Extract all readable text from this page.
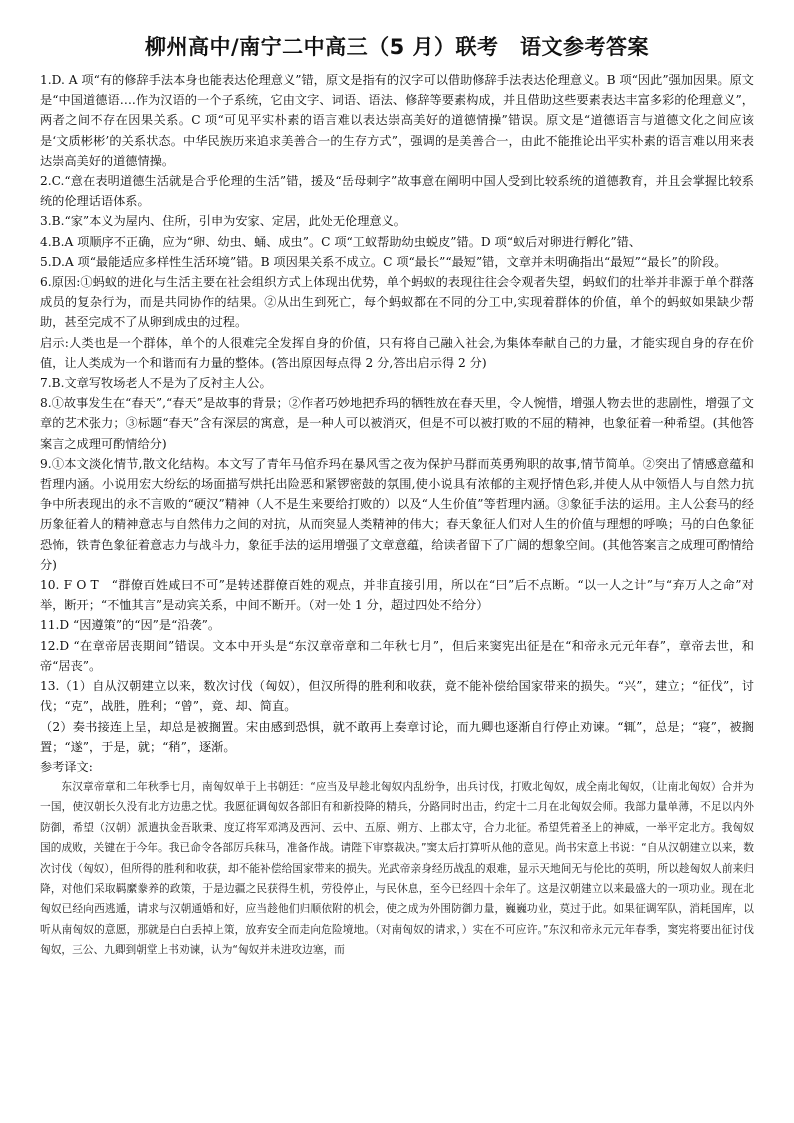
柳州高中/南宁二中高三（5 月）联考　语文参考答案

1.D. A 项“有的修辞手法本身也能表达伦理意义”错，原文是指有的汉字可以借助修辞手法表达伦理意义。B 项“因此”强加因果。原文是“中国道德语….作为汉语的一个子系统，它由文字、词语、语法、修辞等要素构成，并且借助这些要素表达丰富多彩的伦理意义”，两者之间不存在因果关系。C 项“可见平实朴素的语言难以表达崇高美好的道德情操”错误。原文是“道德语言与道德文化之间应该是‘文质彬彬’的关系状态。中华民族历来追求美善合一的生存方式”，强调的是美善合一，由此不能推论出平实朴素的语言难以用来表达崇高美好的道德情操。

2.C.“意在表明道德生活就是合乎伦理的生活”错，援及“岳母刺字”故事意在阐明中国人受到比较系统的道德教育，并且会掌握比较系统的伦理话语体系。

3.B.“家”本义为屋内、住所，引申为安家、定居，此处无伦理意义。

4.B.A 项顺序不正确，应为“卵、幼虫、蛹、成虫”。C 项“工蚁帮助幼虫蜕皮”错。D 项“蚁后对卵进行孵化”错、

5.D.A 项“最能适应多样性生活环境”错。B 项因果关系不成立。C 项“最长”“最短”错，文章并未明确指出“最短”“最长”的阶段。

6.原因:①蚂蚁的进化与生活主要在社会组织方式上体现出优势，单个蚂蚁的表现往往会令观者失望，蚂蚁们的壮举并非源于单个群落成员的复杂行为，而是共同协作的结果。②从出生到死亡，每个蚂蚁都在不同的分工中,实现着群体的价值，单个的蚂蚁如果缺少帮助，甚至完成不了从卵到成虫的过程。

启示:人类也是一个群体，单个的人很难完全发挥自身的价值，只有将自己融入社会,为集体奉献自己的力量，才能实现自身的存在价值，让人类成为一个和谐而有力量的整体。(答出原因每点得 2 分,答出启示得 2 分)

7.B.文章写牧场老人不是为了反衬主人公。

8.①故事发生在“春天”,“春天”是故事的背景；②作者巧妙地把乔玛的牺牲放在春天里，令人惋惜，增强人物去世的悲剧性，增强了文章的艺术张力；③标题“春天”含有深层的寓意，是一种人可以被消灭，但是不可以被打败的不屈的精神，也象征着一种希望。(其他答案言之成理可酌情给分)

9.①本文淡化情节,散文化结构。本文写了青年马倌乔玛在暴风雪之夜为保护马群而英勇殉职的故事,情节简单。②突出了情感意蕴和哲理内涵。小说用宏大纷纭的场面描写烘托出险恶和紧锣密鼓的氛围,使小说具有浓郁的主观抒情色彩,并使人从中领悟人与自然力抗争中所表现出的永不言败的“硬汉”精神（人不是生来要给打败的）以及“人生价值”等哲理内涵。③象征手法的运用。主人公套马的经历象征着人的精神意志与自然伟力之间的对抗，从而突显人类精神的伟大；春天象征人们对人生的价值与理想的呼唤；马的白色象征恐怖，铁青色象征着意志力与战斗力，象征手法的运用增强了文章意蕴，给读者留下了广阔的想象空间。(其他答案言之成理可酌情给分)

10. F O T　“群僚百姓咸曰不可”是转述群僚百姓的观点，并非直接引用，所以在“曰”后不点断。“以一人之计”与“弃万人之命”对举，断开；“不恤其言”是动宾关系，中间不断开。（对一处 1 分，超过四处不给分）

11.D “因遵策”的“因”是“沿袭”。

12.D “在章帝居丧期间”错误。文本中开头是“东汉章帝章和二年秋七月”，但后来窦宪出征是在“和帝永元元年春”，章帝去世，和帝“居丧”。

13.（1）自从汉朝建立以来，数次讨伐（匈奴），但汉所得的胜利和收获，竟不能补偿给国家带来的损失。“兴”，建立；“征伐”，讨伐；“克”，战胜，胜利；“曾”，竟、却、简直。

（2）奏书接连上呈，却总是被搁置。宋由感到恐惧，就不敢再上奏章讨论，而九卿也逐渐自行停止劝谏。“辄”，总是；“寝”，被搁置；“遂”，于是，就；“稍”，逐渐。

参考译文:

东汉章帝章和二年秋季七月，南匈奴单于上书朝廷：“应当及早趁北匈奴内乱纷争，出兵讨伐，打败北匈奴，成全南北匈奴，（让南北匈奴）合并为一国，使汉朝长久没有北方边患之忧。我愿征调匈奴各部旧有和新投降的精兵，分路同时出击，约定十二月在北匈奴会师。我部力量单薄，不足以内外防御，希望（汉朝）派遣执金吾耿秉、度辽将军邓鸿及西河、云中、五原、朔方、上郡太守，合力北征。希望凭着圣上的神威，一举平定北方。我匈奴国的成败，关键在于今年。我已命令各部厉兵秣马，准备作战。请陛下审察裁决。”窦太后打算听从他的意见。尚书宋意上书说：“自从汉朝建立以来，数次讨伐（匈奴），但所得的胜利和收获，却不能补偿给国家带来的损失。光武帝亲身经历战乱的艰难，显示天地间无与伦比的英明，所以趁匈奴人前来归降，对他们采取羁縻豢养的政策，于是边疆之民获得生机，劳役停止，与民休息，至今已经四十余年了。这是汉朝建立以来最盛大的一项功业。现在北匈奴已经向西逃遁，请求与汉朝通婚和好，应当趁他们归顺依附的机会，使之成为外围防御力量，巍巍功业，莫过于此。如果征调军队，消耗国库，以听从南匈奴的意愿，那就是白白丢掉上策，放弃安全而走向危险境地。（对南匈奴的请求，）实在不可应许。”东汉和帝永元元年春季，窦宪将要出征讨伐匈奴，三公、九卿到朝堂上书劝谏，认为“匈奴并未进攻边塞，而
